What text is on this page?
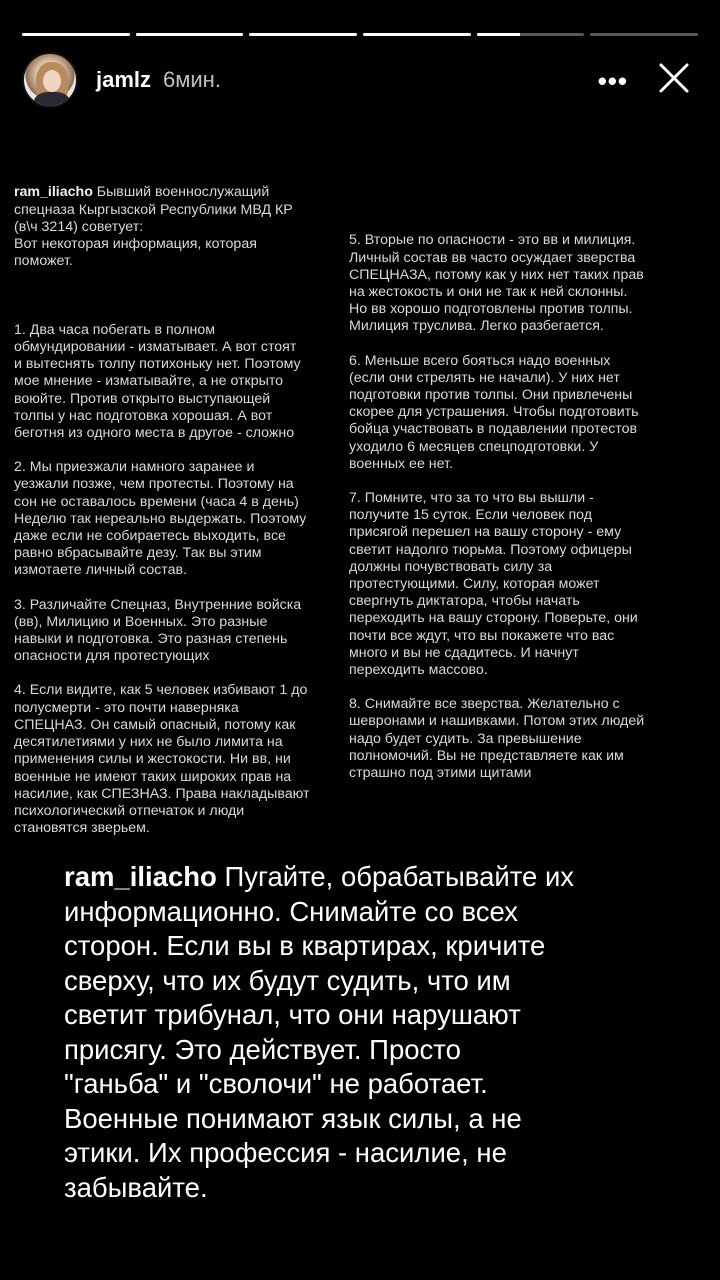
jamlz 6мин.	•••

ram_iliacho Бывший военнослужащий
спецназа Кыргызской Республики МВД КР
(в\ч 3214) советует:
Вот некоторая информация, которая
поможет.

1. Два часа побегать в полном
обмундировании - изматывает. А вот стоят
и вытеснять толпу потихоньку нет. Поэтому
мое мнение - изматывайте, а не открыто
воюйте. Против открыто выступающей
толпы у нас подготовка хорошая. А вот
беготня из одного места в другое - сложно
2. Мы приезжали намного заранее и
уезжали позже, чем протесты. Поэтому на
сон не оставалось времени (часа 4 в день)
Неделю так нереально выдержать. Поэтому
даже если не собираетесь выходить, все
равно вбрасывайте дезу. Так вы этим
измотаете личный состав.
3. Различайте Спецназ, Внутренние войска
(вв), Милицию и Военных. Это разные
навыки и подготовка. Это разная степень
опасности для протестующих
4. Если видите, как 5 человек избивают 1 до
полусмерти - это почти наверняка
СПЕЦНАЗ. Он самый опасный, потому как
десятилетиями у них не было лимита на
применения силы и жестокости. Ни вв, ни
военные не имеют таких широких прав на
насилие, как СПЕЗНАЗ. Права накладывают
психологический отпечаток и люди
становятся зверьем.

5. Вторые по опасности - это вв и милиция.
Личный состав вв часто осуждает зверства
СПЕЦНАЗА, потому как у них нет таких прав
на жестокость и они не так к ней склонны.
Но вв хорошо подготовлены против толпы.
Милиция труслива. Легко разбегается.
6. Меньше всего бояться надо военных
(если они стрелять не начали). У них нет
подготовки против толпы. Они привлечены
скорее для устрашения. Чтобы подготовить
бойца участвовать в подавлении протестов
уходило 6 месяцев спецподготовки. У
военных ее нет.
7. Помните, что за то что вы вышли -
получите 15 суток. Если человек под
присягой перешел на вашу сторону - ему
светит надолго тюрьма. Поэтому офицеры
должны почувствовать силу за
протестующими. Силу, которая может
свергнуть диктатора, чтобы начать
переходить на вашу сторону. Поверьте, они
почти все ждут, что вы покажете что вас
много и вы не сдадитесь. И начнут
переходить массово.
8. Снимайте все зверства. Желательно с
шевронами и нашивками. Потом этих людей
надо будет судить. За превышение
полномочий. Вы не представляете как им
страшно под этими щитами

ram_iliacho Пугайте, обрабатывайте их
информационно. Снимайте со всех
сторон. Если вы в квартирах, кричите
сверху, что их будут судить, что им
светит трибунал, что они нарушают
присягу. Это действует. Просто
"ганьба" и "сволочи" не работает.
Военные понимают язык силы, а не
этики. Их профессия - насилие, не
забывайте.
